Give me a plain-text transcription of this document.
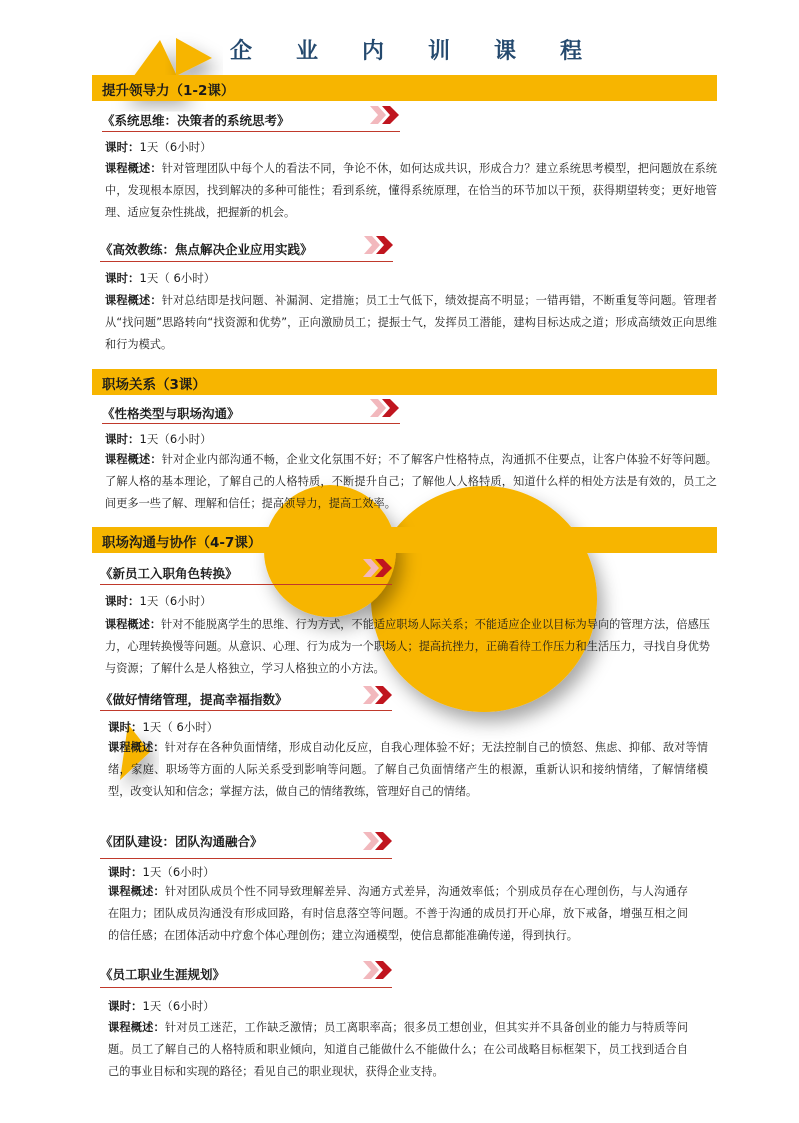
企业内训课程
提升领导力（1-2课）
职场关系（3课）
职场沟通与协作（4-7课）
《系统思维：决策者的系统思考》
课时：1天（6小时）
课程概述：针对管理团队中每个人的看法不同，争论不休，如何达成共识，形成合力？建立系统思考模型，把问题放在系统中，发现根本原因，找到解决的多种可能性；看到系统，懂得系统原理，在恰当的环节加以干预，获得期望转变；更好地管理、适应复杂性挑战，把握新的机会。
《高效教练：焦点解决企业应用实践》
课时：1天（ 6小时）
课程概述：针对总结即是找问题、补漏洞、定措施；员工士气低下，绩效提高不明显；一错再错，不断重复等问题。管理者从“找问题”思路转向“找资源和优势”，正向激励员工；提振士气，发挥员工潜能，建构目标达成之道；形成高绩效正向思维和行为模式。
《性格类型与职场沟通》
课时：1天（6小时）
课程概述：针对企业内部沟通不畅，企业文化氛围不好；不了解客户性格特点，沟通抓不住要点，让客户体验不好等问题。了解人格的基本理论，了解自己的人格特质，不断提升自己；了解他人人格特质，知道什么样的相处方法是有效的，员工之间更多一些了解、理解和信任；提高领导力，提高工效率。
《新员工入职角色转换》
课时：1天（6小时）
课程概述：针对不能脱离学生的思维、行为方式，不能适应职场人际关系；不能适应企业以目标为导向的管理方法，倍感压力，心理转换慢等问题。从意识、心理、行为成为一个职场人；提高抗挫力，正确看待工作压力和生活压力，寻找自身优势与资源；了解什么是人格独立，学习人格独立的小方法。
《做好情绪管理，提高幸福指数》
课时：1天（ 6小时）
课程概述：针对存在各种负面情绪，形成自动化反应，自我心理体验不好；无法控制自己的愤怒、焦虑、抑郁、敌对等情绪，家庭、职场等方面的人际关系受到影响等问题。了解自己负面情绪产生的根源，重新认识和接纳情绪，了解情绪模型，改变认知和信念；掌握方法，做自己的情绪教练，管理好自己的情绪。
《团队建设：团队沟通融合》
课时：1天（6小时）
课程概述：针对团队成员个性不同导致理解差异、沟通方式差异，沟通效率低；个别成员存在心理创伤，与人沟通存在阻力；团队成员沟通没有形成回路，有时信息落空等问题。不善于沟通的成员打开心扉，放下戒备，增强互相之间的信任感；在团体活动中疗愈个体心理创伤；建立沟通模型，使信息都能准确传递，得到执行。
《员工职业生涯规划》
课时：1天（6小时）
课程概述：针对员工迷茫，工作缺乏激情；员工离职率高；很多员工想创业，但其实并不具备创业的能力与特质等问题。员工了解自己的人格特质和职业倾向，知道自己能做什么不能做什么；在公司战略目标框架下，员工找到适合自己的事业目标和实现的路径；看见自己的职业现状，获得企业支持。
